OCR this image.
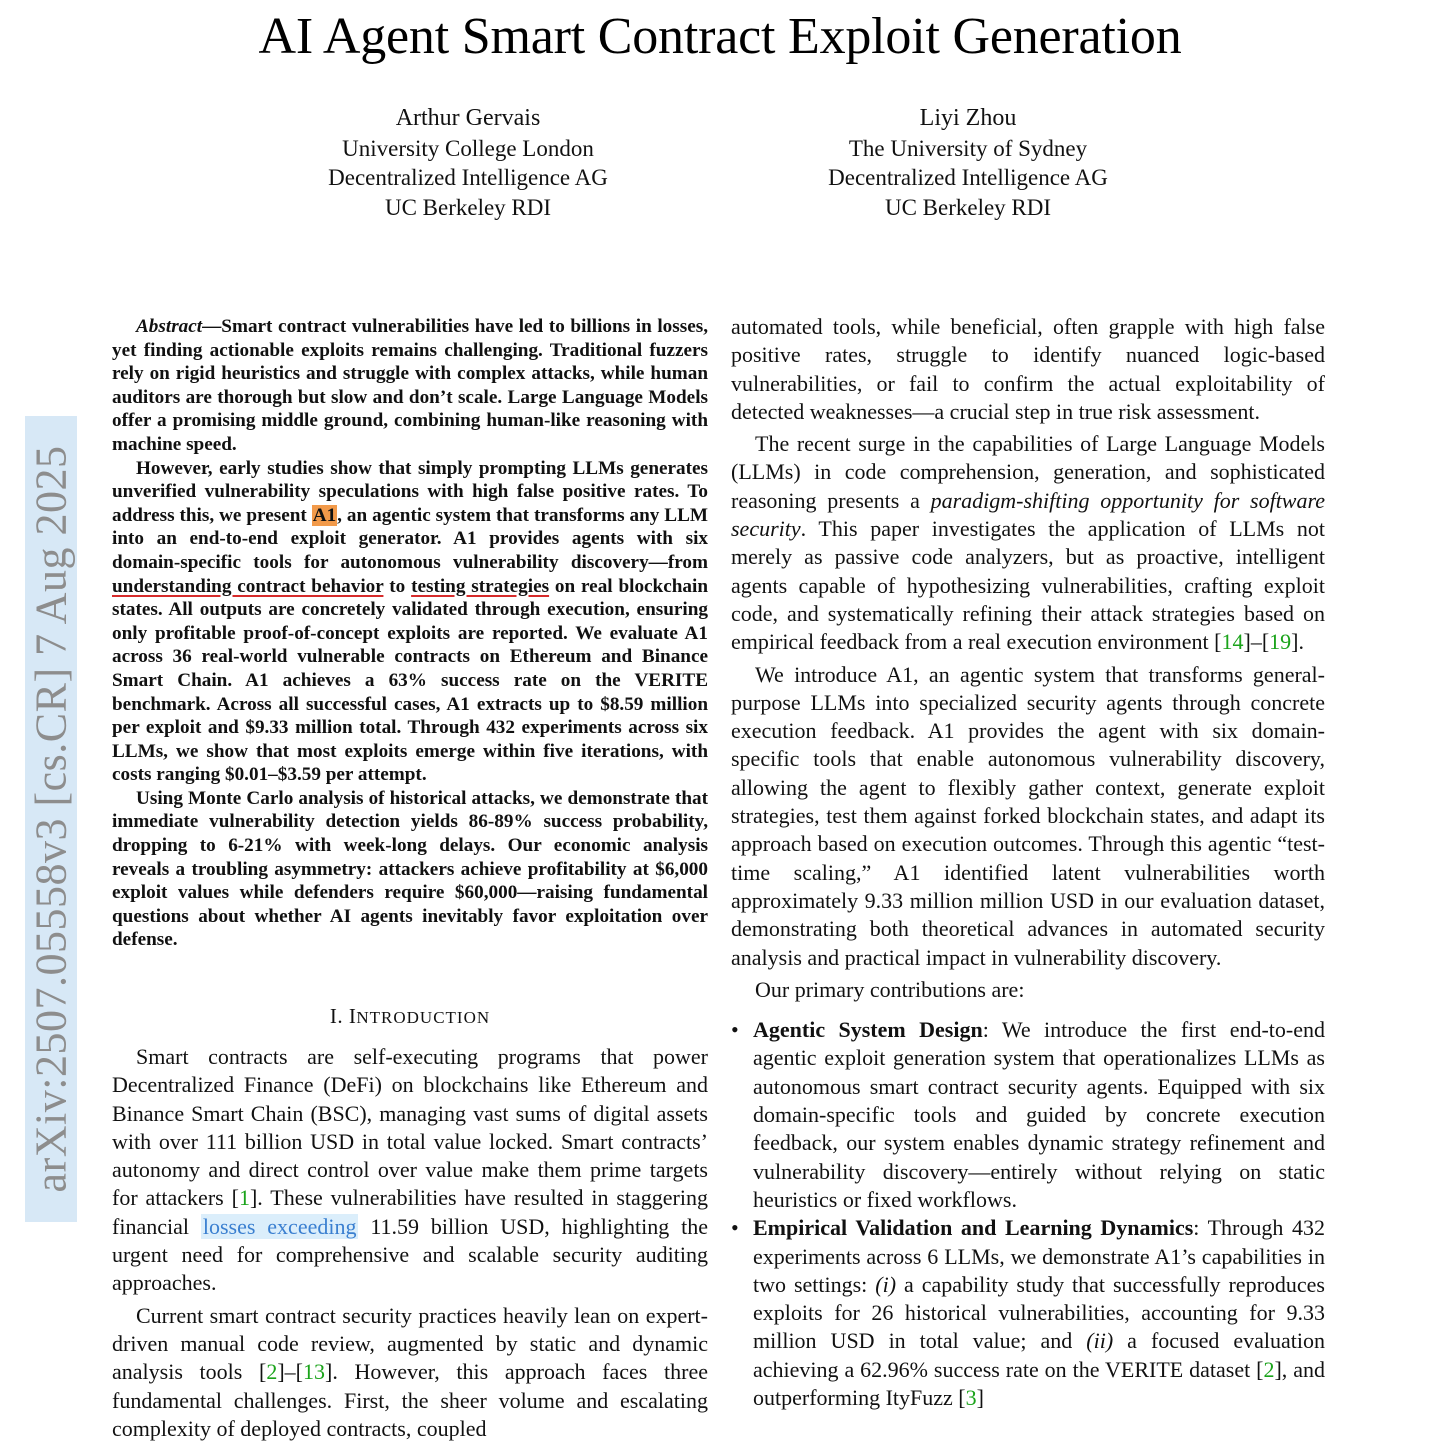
AI Agent Smart Contract Exploit Generation
Arthur Gervais
University College London
Decentralized Intelligence AG
UC Berkeley RDI
Liyi Zhou
The University of Sydney
Decentralized Intelligence AG
UC Berkeley RDI
arXiv:2507.05558v3 [cs.CR] 7 Aug 2025

Abstract—Smart contract vulnerabilities have led to billions in losses, yet finding actionable exploits remains challenging. Traditional fuzzers rely on rigid heuristics and struggle with complex attacks, while human auditors are thorough but slow and don’t scale. Large Language Models offer a promising middle ground, combining human-like reasoning with machine speed.

However, early studies show that simply prompting LLMs generates unverified vulnerability speculations with high false positive rates. To address this, we present A1, an agentic system that transforms any LLM into an end-to-end exploit generator. A1 provides agents with six domain-specific tools for autonomous vulnerability discovery—from understanding contract behavior to testing strategies on real blockchain states. All outputs are concretely validated through execution, ensuring only profitable proof-of-concept exploits are reported. We evaluate A1 across 36 real-world vulnerable contracts on Ethereum and Binance Smart Chain. A1 achieves a 63% success rate on the VERITE benchmark. Across all successful cases, A1 extracts up to $8.59 million per exploit and $9.33 million total. Through 432 experiments across six LLMs, we show that most exploits emerge within five iterations, with costs ranging $0.01–$3.59 per attempt.

Using Monte Carlo analysis of historical attacks, we demonstrate that immediate vulnerability detection yields 86-89% success probability, dropping to 6-21% with week-long delays. Our economic analysis reveals a troubling asymmetry: attackers achieve profitability at $6,000 exploit values while defenders require $60,000—raising fundamental questions about whether AI agents inevitably favor exploitation over defense.

I. INTRODUCTION

Smart contracts are self-executing programs that power Decentralized Finance (DeFi) on blockchains like Ethereum and Binance Smart Chain (BSC), managing vast sums of digital assets with over 111 billion USD in total value locked. Smart contracts’ autonomy and direct control over value make them prime targets for attackers [1]. These vulnerabilities have resulted in staggering financial losses exceeding 11.59 billion USD, highlighting the urgent need for comprehensive and scalable security auditing approaches.

Current smart contract security practices heavily lean on expert-driven manual code review, augmented by static and dynamic analysis tools [2]–[13]. However, this approach faces three fundamental challenges. First, the sheer volume and escalating complexity of deployed contracts, coupled

automated tools, while beneficial, often grapple with high false positive rates, struggle to identify nuanced logic-based vulnerabilities, or fail to confirm the actual exploitability of detected weaknesses—a crucial step in true risk assessment.

The recent surge in the capabilities of Large Language Models (LLMs) in code comprehension, generation, and sophisticated reasoning presents a paradigm-shifting opportunity for software security. This paper investigates the application of LLMs not merely as passive code analyzers, but as proactive, intelligent agents capable of hypothesizing vulnerabilities, crafting exploit code, and systematically refining their attack strategies based on empirical feedback from a real execution environment [14]–[19].

We introduce A1, an agentic system that transforms general-purpose LLMs into specialized security agents through concrete execution feedback. A1 provides the agent with six domain-specific tools that enable autonomous vulnerability discovery, allowing the agent to flexibly gather context, generate exploit strategies, test them against forked blockchain states, and adapt its approach based on execution outcomes. Through this agentic “test-time scaling,” A1 identified latent vulnerabilities worth approximately 9.33 million million USD in our evaluation dataset, demonstrating both theoretical advances in automated security analysis and practical impact in vulnerability discovery.

Our primary contributions are:

• Agentic System Design: We introduce the first end-to-end agentic exploit generation system that operationalizes LLMs as autonomous smart contract security agents. Equipped with six domain-specific tools and guided by concrete execution feedback, our system enables dynamic strategy refinement and vulnerability discovery—entirely without relying on static heuristics or fixed workflows.
• Empirical Validation and Learning Dynamics: Through 432 experiments across 6 LLMs, we demonstrate A1’s capabilities in two settings: (i) a capability study that successfully reproduces exploits for 26 historical vulnerabilities, accounting for 9.33 million USD in total value; and (ii) a focused evaluation achieving a 62.96% success rate on the VERITE dataset [2], and outperforming ItyFuzz [3]
